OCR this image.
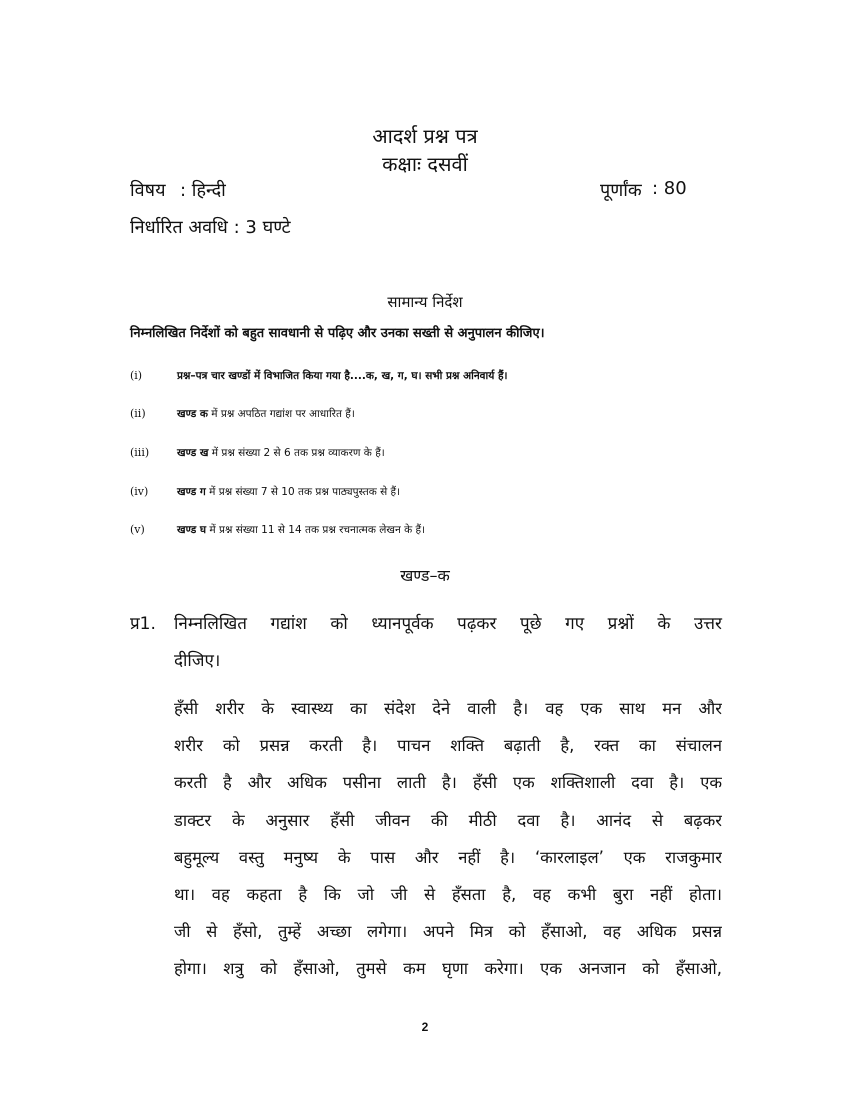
आदर्श प्रश्न पत्र
कक्षाः दसवीं
विषय : हिन्दी	पूर्णांक : 80
निर्धारित अवधि : 3 घण्टे
सामान्य निर्देश
निम्नलिखित निर्देशों को बहुत सावधानी से पढ़िए और उनका सख्ती से अनुपालन कीजिए।
(i)	प्रश्न–पत्र चार खण्डों में विभाजित किया गया है....क, ख, ग, घ। सभी प्रश्न अनिवार्य हैं।
(ii)	खण्ड क में प्रश्न अपठित गद्यांश पर आधारित हैं।
(iii)	खण्ड ख में प्रश्न संख्या 2 से 6 तक प्रश्न व्याकरण के हैं।
(iv)	खण्ड ग में प्रश्न संख्या 7 से 10 तक प्रश्न पाठ्यपुस्तक से हैं।
(v)	खण्ड घ में प्रश्न संख्या 11 से 14 तक प्रश्न रचनात्मक लेखन के हैं।
खण्ड–क
प्र1. निम्नलिखित गद्यांश को ध्यानपूर्वक पढ़कर पूछे गए प्रश्नों के उत्तर
दीजिए।
हँसी शरीर के स्वास्थ्य का संदेश देने वाली है। वह एक साथ मन और
शरीर को प्रसन्न करती है। पाचन शक्ति बढ़ाती है, रक्त का संचालन
करती है और अधिक पसीना लाती है। हँसी एक शक्तिशाली दवा है। एक
डाक्टर के अनुसार हँसी जीवन की मीठी दवा है। आनंद से बढ़कर
बहुमूल्य वस्तु मनुष्य के पास और नहीं है। ‘कारलाइल’ एक राजकुमार
था। वह कहता है कि जो जी से हँसता है, वह कभी बुरा नहीं होता।
जी से हँसो, तुम्हें अच्छा लगेगा। अपने मित्र को हँसाओ, वह अधिक प्रसन्न
होगा। शत्रु को हँसाओ, तुमसे कम घृणा करेगा। एक अनजान को हँसाओ,
2
